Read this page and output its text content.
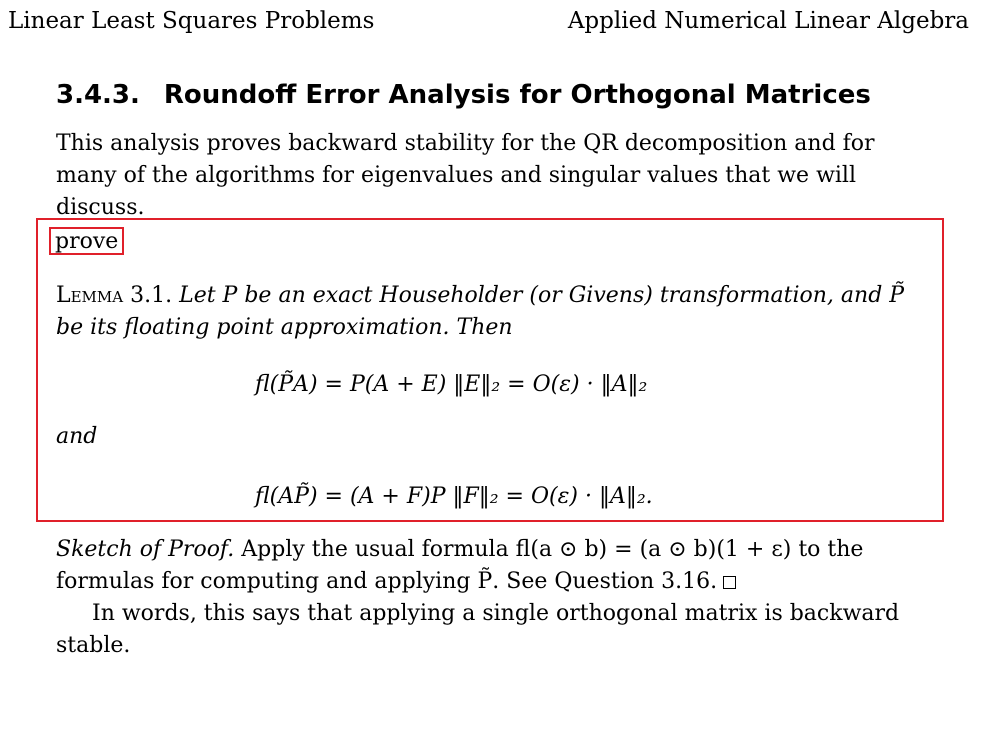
Linear Least Squares Problems	Applied Numerical Linear Algebra
3.4.3. Roundoff Error Analysis for Orthogonal Matrices
This analysis proves backward stability for the QR decomposition and for many of the algorithms for eigenvalues and singular values that we will discuss.
prove
Lemma 3.1. Let P be an exact Householder (or Givens) transformation, and P̃ be its floating point approximation. Then
fl(P̃A) = P(A + E) ‖E‖₂ = O(ε) · ‖A‖₂
and
fl(AP̃) = (A + F)P ‖F‖₂ = O(ε) · ‖A‖₂.
Sketch of Proof. Apply the usual formula fl(a ⊙ b) = (a ⊙ b)(1 + ε) to the formulas for computing and applying P̃. See Question 3.16.
In words, this says that applying a single orthogonal matrix is backward stable.
